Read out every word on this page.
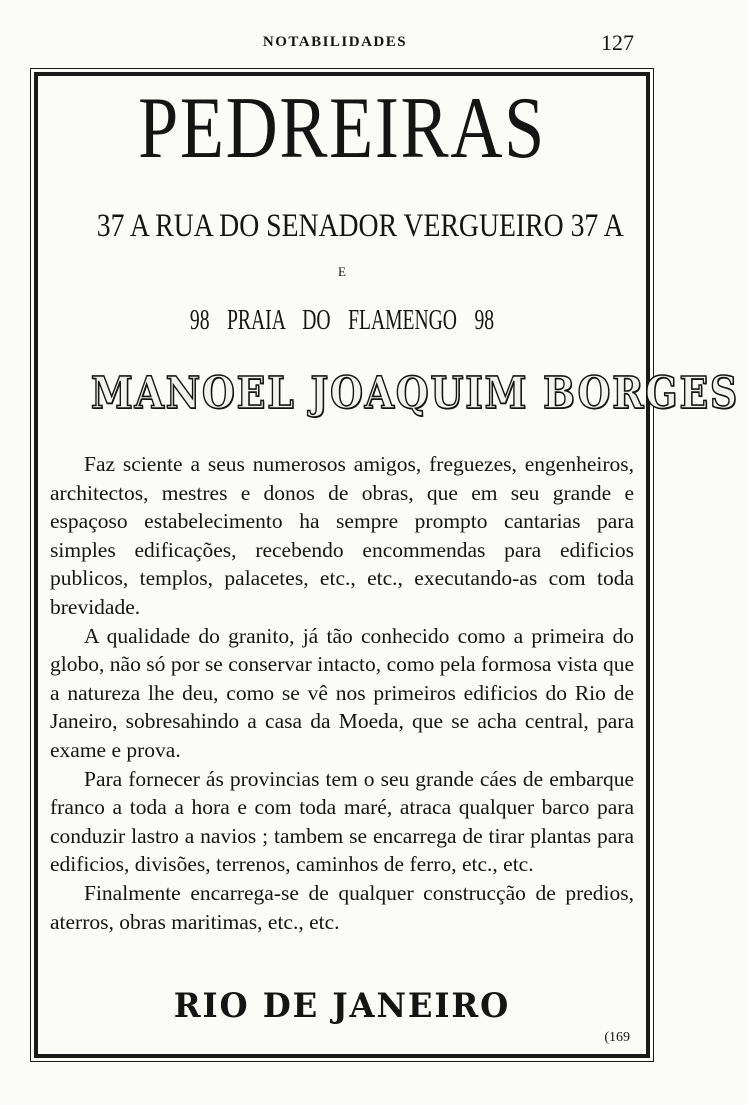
NOTABILIDADES	127
PEDREIRAS
37 A RUA DO SENADOR VERGUEIRO 37 A
E
98 PRAIA DO FLAMENGO 98
MANOEL JOAQUIM BORGES

Faz sciente a seus numerosos amigos, freguezes, engenheiros, architectos, mestres e donos de obras, que em seu grande e espaçoso estabelecimento ha sempre prompto cantarias para simples edificações, recebendo encommendas para edificios publicos, templos, palacetes, etc., etc., executando-as com toda brevidade.

A qualidade do granito, já tão conhecido como a primeira do globo, não só por se conservar intacto, como pela formosa vista que a natureza lhe deu, como se vê nos primeiros edificios do Rio de Janeiro, sobresahindo a casa da Moeda, que se acha central, para exame e prova.

Para fornecer ás provincias tem o seu grande cáes de embarque franco a toda a hora e com toda maré, atraca qualquer barco para conduzir lastro a navios ; tambem se encarrega de tirar plantas para edificios, divisões, terrenos, caminhos de ferro, etc., etc.

Finalmente encarrega-se de qualquer construcção de predios, aterros, obras maritimas, etc., etc.

RIO DE JANEIRO
(169
